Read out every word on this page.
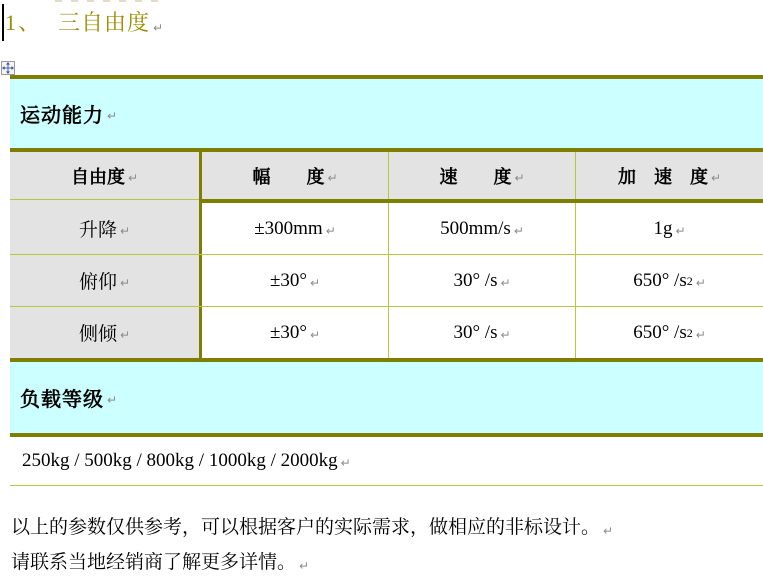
1、 三自由度 ↵
运动能力 ↵
自由度 ↵	幅　　度 ↵	速　　度 ↵	加　速　度 ↵
升降 ↵	±300mm ↵	500mm/s ↵	1g ↵
俯仰 ↵	±30° ↵	30° /s ↵	650° /s 2 ↵
侧倾 ↵	±30° ↵	30° /s ↵	650° /s 2 ↵
负载等级 ↵
250kg / 500kg / 800kg / 1000kg / 2000kg ↵
以上的参数仅供参考，可以根据客户的实际需求，做相应的非标设计。 ↵
请联系当地经销商了解更多详情。 ↵
